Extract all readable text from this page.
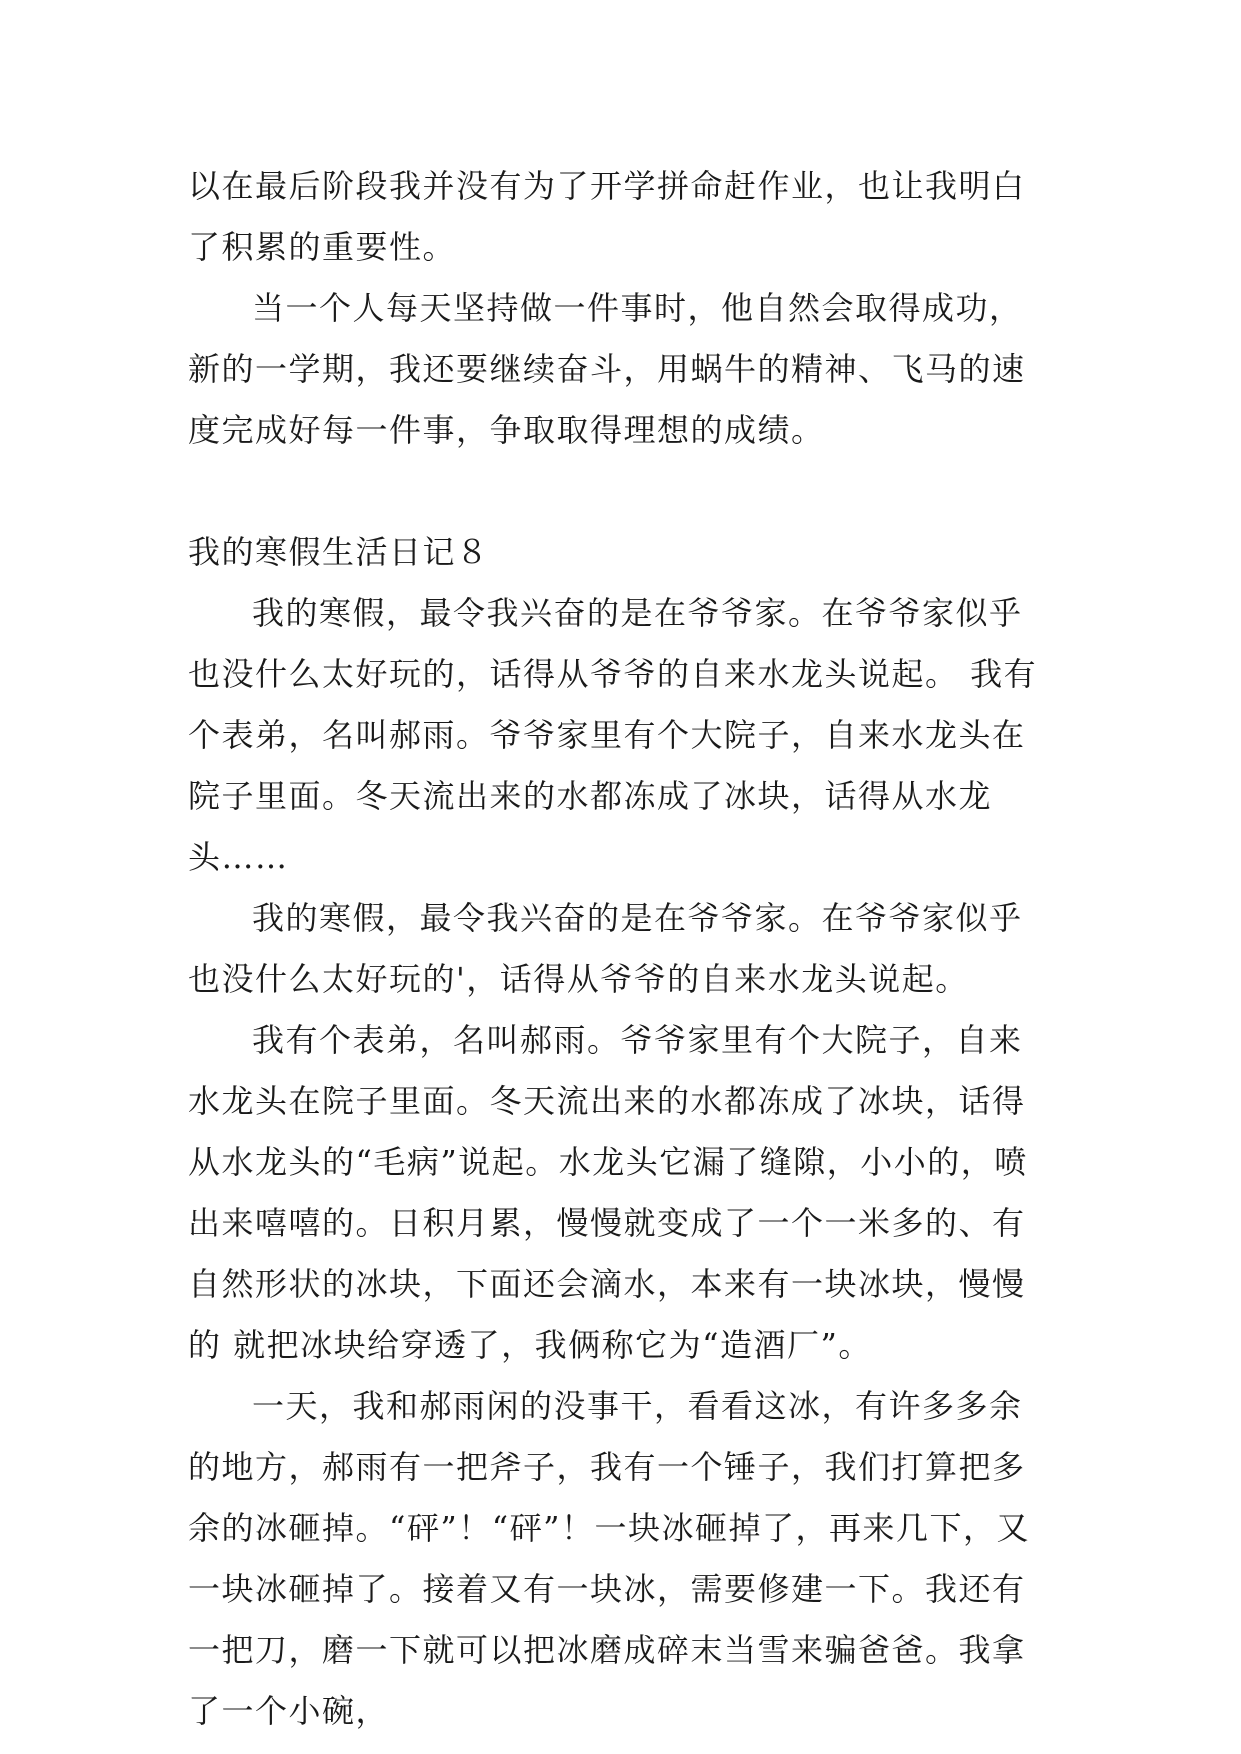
以在最后阶段我并没有为了开学拼命赶作业，也让我明白了积累的重要性。

当一个人每天坚持做一件事时，他自然会取得成功，新的一学期，我还要继续奋斗，用蜗牛的精神、飞马的速度完成好每一件事，争取取得理想的成绩。

我的寒假生活日记８

我的寒假，最令我兴奋的是在爷爷家。在爷爷家似乎也没什么太好玩的，话得从爷爷的自来水龙头说起。 我有个表弟，名叫郝雨。爷爷家里有个大院子，自来水龙头在院子里面。冬天流出来的水都冻成了冰块，话得从水龙头……

我的寒假，最令我兴奋的是在爷爷家。在爷爷家似乎也没什么太好玩的'，话得从爷爷的自来水龙头说起。

我有个表弟，名叫郝雨。爷爷家里有个大院子，自来水龙头在院子里面。冬天流出来的水都冻成了冰块，话得从水龙头的“毛病”说起。水龙头它漏了缝隙，小小的，喷出来嘻嘻的。日积月累，慢慢就变成了一个一米多的、有自然形状的冰块，下面还会滴水，本来有一块冰块，慢慢的 就把冰块给穿透了，我俩称它为“造酒厂”。

一天，我和郝雨闲的没事干，看看这冰，有许多多余的地方，郝雨有一把斧子，我有一个锤子，我们打算把多余的冰砸掉。“砰”！“砰”！一块冰砸掉了，再来几下，又一块冰砸掉了。接着又有一块冰，需要修建一下。我还有一把刀，磨一下就可以把冰磨成碎末当雪来骗爸爸。我拿了一个小碗，
